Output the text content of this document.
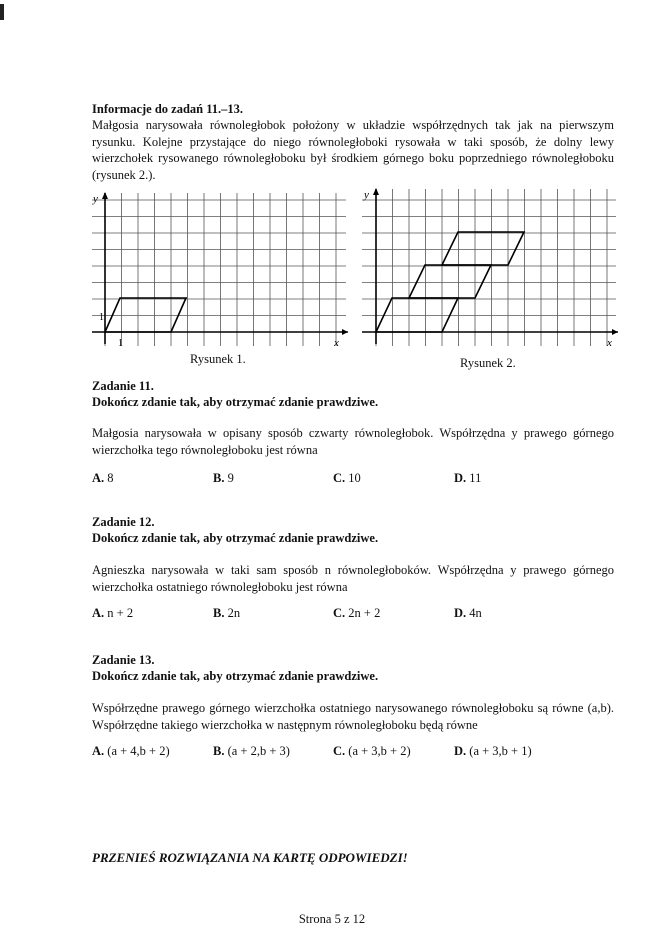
Informacje do zadań 11.–13.
Małgosia narysowała równoległobok położony w układzie współrzędnych tak jak na pierwszym rysunku. Kolejne przystające do niego równoległoboki rysowała w taki sposób, że dolny lewy wierzchołek rysowanego równoległoboku był środkiem górnego boku poprzedniego równoległoboku (rysunek 2.).
y
x
1
1
Rysunek 1.
y
x
Rysunek 2.
Zadanie 11.
Dokończ zdanie tak, aby otrzymać zdanie prawdziwe.
Małgosia narysowała w opisany sposób czwarty równoległobok. Współrzędna y prawego górnego wierzchołka tego równoległoboku jest równa
A. 8	B. 9	C. 10	D. 11
Zadanie 12.
Dokończ zdanie tak, aby otrzymać zdanie prawdziwe.
Agnieszka narysowała w taki sam sposób n równoległoboków. Współrzędna y prawego górnego wierzchołka ostatniego równoległoboku jest równa
A. n + 2	B. 2n	C. 2n + 2	D. 4n
Zadanie 13.
Dokończ zdanie tak, aby otrzymać zdanie prawdziwe.
Współrzędne prawego górnego wierzchołka ostatniego narysowanego równoległoboku są równe (a,b). Współrzędne takiego wierzchołka w następnym równoległoboku będą równe
A. (a + 4,b + 2)	B. (a + 2,b + 3)	C. (a + 3,b + 2)	D. (a + 3,b + 1)
PRZENIEŚ ROZWIĄZANIA NA KARTĘ ODPOWIEDZI!
Strona 5 z 12
